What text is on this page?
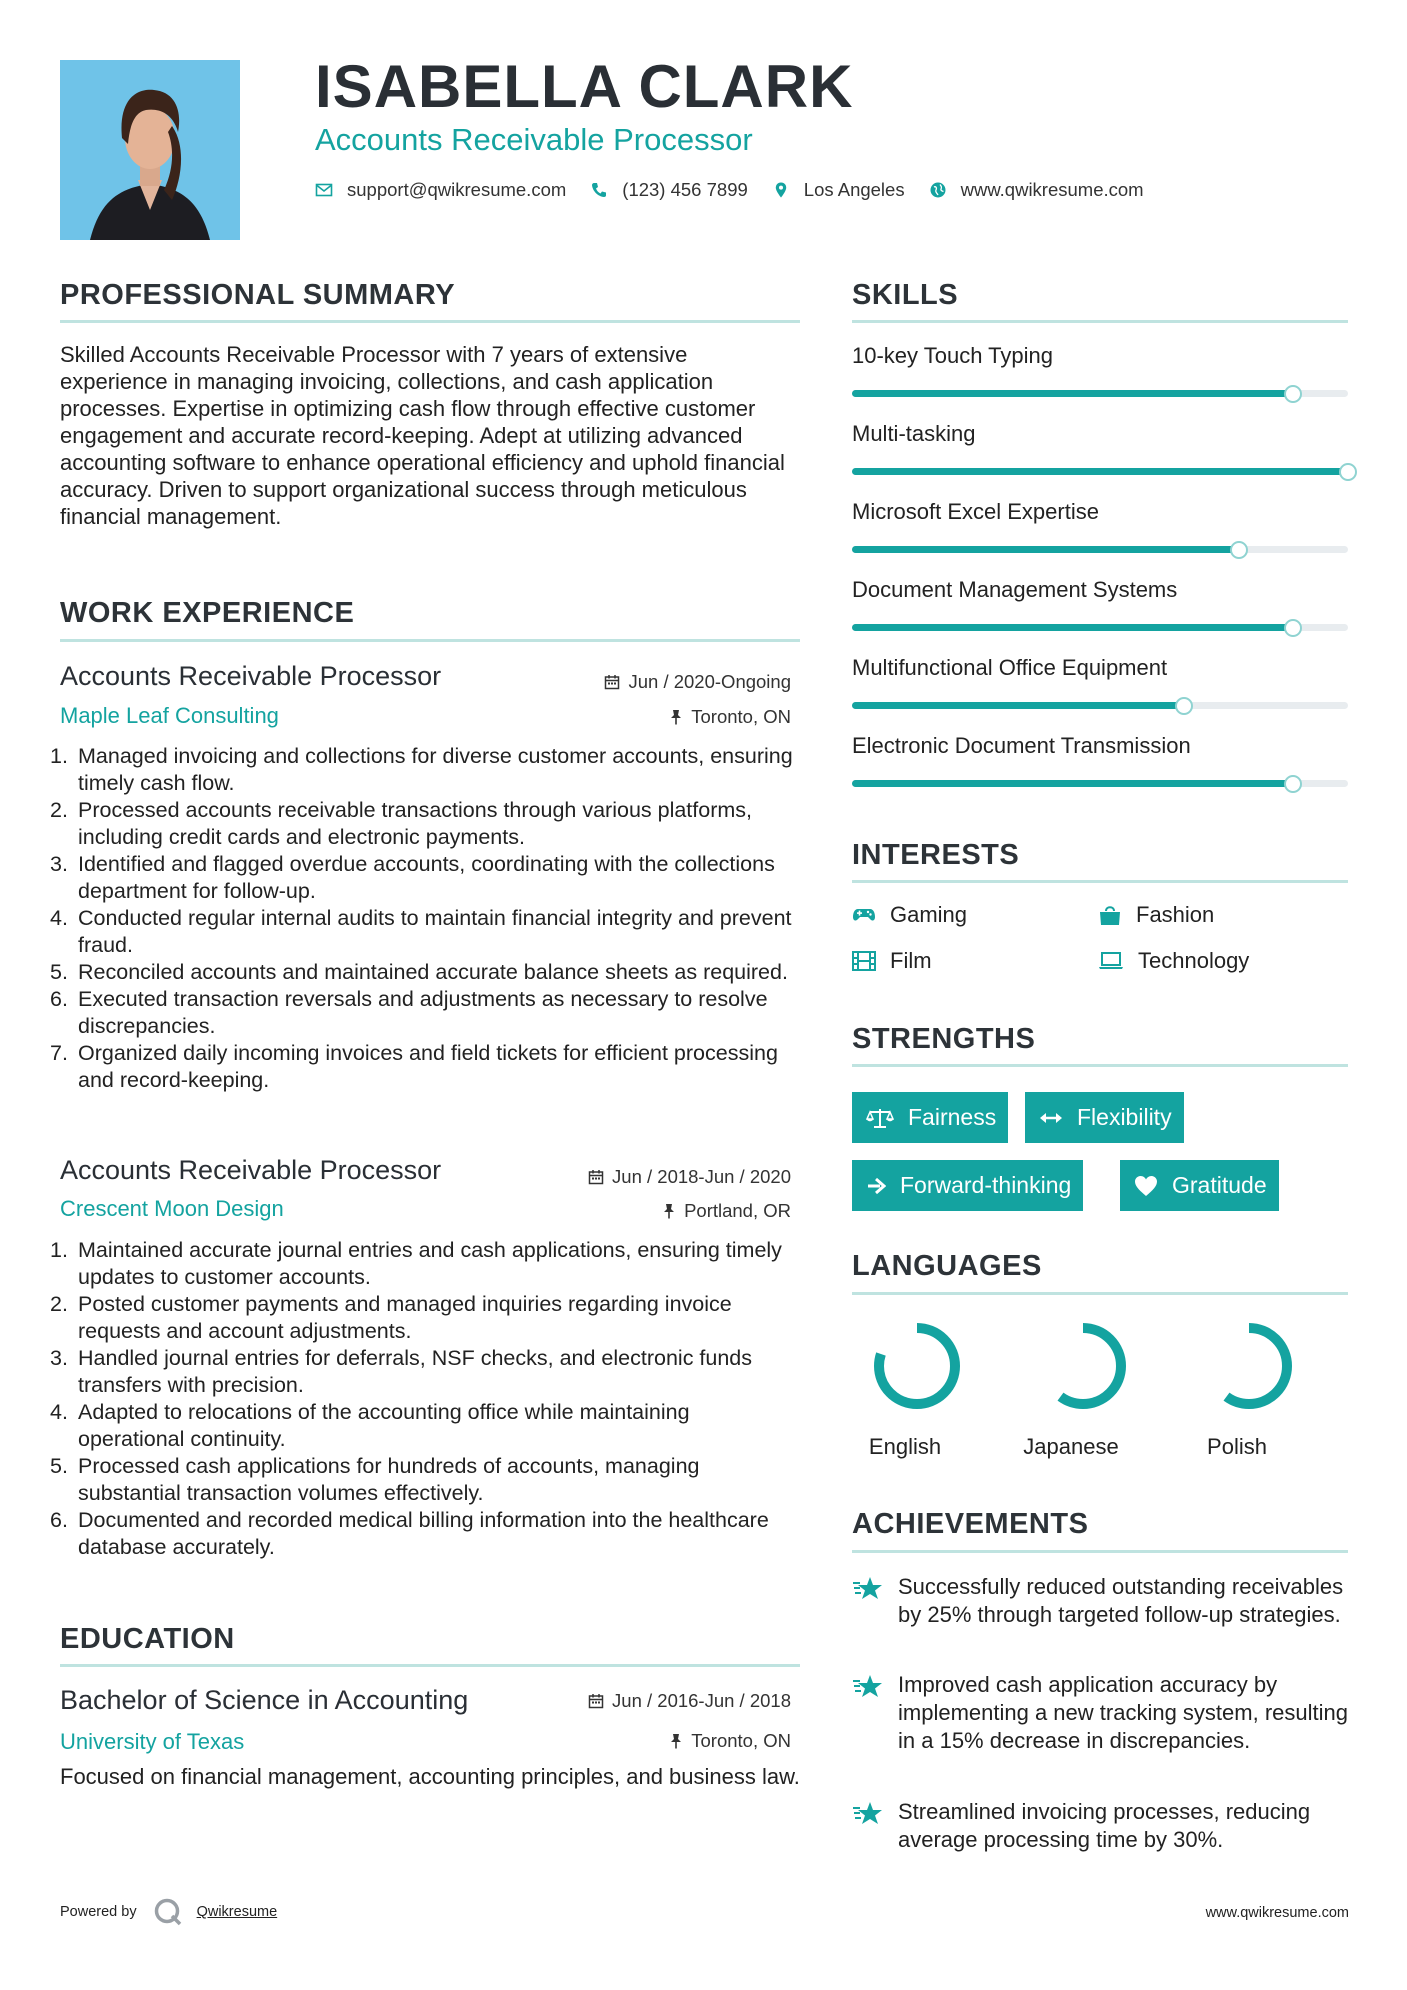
ISABELLA CLARK
Accounts Receivable Processor
support@qwikresume.com	(123) 456 7899	Los Angeles	www.qwikresume.com
PROFESSIONAL SUMMARY

Skilled Accounts Receivable Processor with 7 years of extensive experience in managing invoicing, collections, and cash application processes. Expertise in optimizing cash flow through effective customer engagement and accurate record-keeping. Adept at utilizing advanced accounting software to enhance operational efficiency and uphold financial accuracy. Driven to support organizational success through meticulous financial management.

WORK EXPERIENCE
Accounts Receivable Processor
Maple Leaf Consulting
Jun / 2020-Ongoing
Toronto, ON
1. Managed invoicing and collections for diverse customer accounts, ensuring timely cash flow.
2. Processed accounts receivable transactions through various platforms, including credit cards and electronic payments.
3. Identified and flagged overdue accounts, coordinating with the collections department for follow-up.
4. Conducted regular internal audits to maintain financial integrity and prevent fraud.
5. Reconciled accounts and maintained accurate balance sheets as required.
6. Executed transaction reversals and adjustments as necessary to resolve discrepancies.
7. Organized daily incoming invoices and field tickets for efficient processing and record-keeping.
Accounts Receivable Processor
Crescent Moon Design
Jun / 2018-Jun / 2020
Portland, OR
1. Maintained accurate journal entries and cash applications, ensuring timely updates to customer accounts.
2. Posted customer payments and managed inquiries regarding invoice requests and account adjustments.
3. Handled journal entries for deferrals, NSF checks, and electronic funds transfers with precision.
4. Adapted to relocations of the accounting office while maintaining operational continuity.
5. Processed cash applications for hundreds of accounts, managing substantial transaction volumes effectively.
6. Documented and recorded medical billing information into the healthcare database accurately.
EDUCATION
Bachelor of Science in Accounting
University of Texas
Jun / 2016-Jun / 2018
Toronto, ON

Focused on financial management, accounting principles, and business law.

SKILLS
10-key Touch Typing
Multi-tasking
Microsoft Excel Expertise
Document Management Systems
Multifunctional Office Equipment
Electronic Document Transmission
INTERESTS
Gaming	Fashion
Film	Technology
STRENGTHS
Fairness	Flexibility
Forward-thinking	Gratitude
LANGUAGES
English	Japanese	Polish
ACHIEVEMENTS
Successfully reduced outstanding receivables by 25% through targeted follow-up strategies.
Improved cash application accuracy by implementing a new tracking system, resulting in a 15% decrease in discrepancies.
Streamlined invoicing processes, reducing average processing time by 30%.
Powered by	Qwikresume	www.qwikresume.com
